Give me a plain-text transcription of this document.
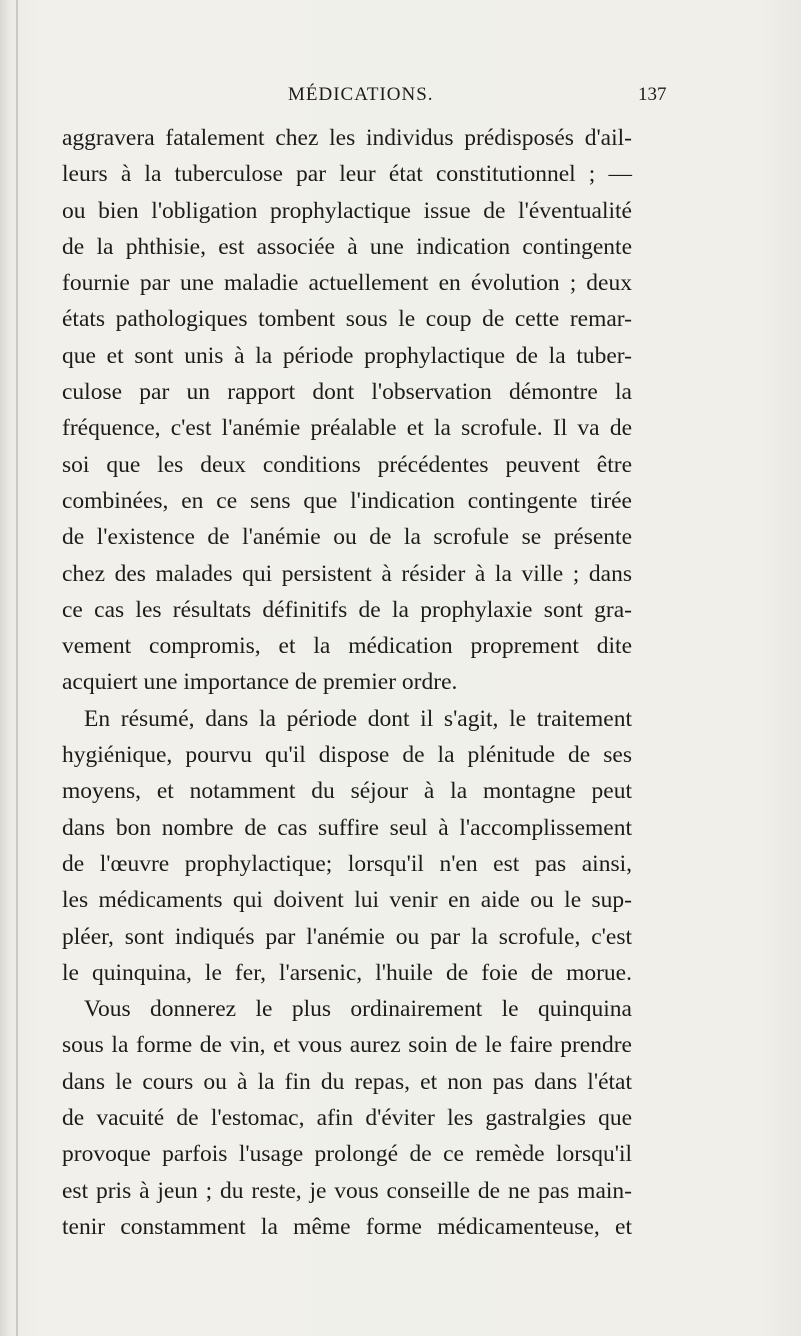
MÉDICATIONS.	137
aggravera fatalement chez les individus prédisposés d'ail-
leurs à la tuberculose par leur état constitutionnel ; —
ou bien l'obligation prophylactique issue de l'éventualité
de la phthisie, est associée à une indication contingente
fournie par une maladie actuellement en évolution ; deux
états pathologiques tombent sous le coup de cette remar-
que et sont unis à la période prophylactique de la tuber-
culose par un rapport dont l'observation démontre la
fréquence, c'est l'anémie préalable et la scrofule. Il va de
soi que les deux conditions précédentes peuvent être
combinées, en ce sens que l'indication contingente tirée
de l'existence de l'anémie ou de la scrofule se présente
chez des malades qui persistent à résider à la ville ; dans
ce cas les résultats définitifs de la prophylaxie sont gra-
vement compromis, et la médication proprement dite
acquiert une importance de premier ordre.
En résumé, dans la période dont il s'agit, le traitement
hygiénique, pourvu qu'il dispose de la plénitude de ses
moyens, et notamment du séjour à la montagne peut
dans bon nombre de cas suffire seul à l'accomplissement
de l'œuvre prophylactique; lorsqu'il n'en est pas ainsi,
les médicaments qui doivent lui venir en aide ou le sup-
pléer, sont indiqués par l'anémie ou par la scrofule, c'est
le quinquina, le fer, l'arsenic, l'huile de foie de morue.
Vous donnerez le plus ordinairement le quinquina
sous la forme de vin, et vous aurez soin de le faire prendre
dans le cours ou à la fin du repas, et non pas dans l'état
de vacuité de l'estomac, afin d'éviter les gastralgies que
provoque parfois l'usage prolongé de ce remède lorsqu'il
est pris à jeun ; du reste, je vous conseille de ne pas main-
tenir constamment la même forme médicamenteuse, et
